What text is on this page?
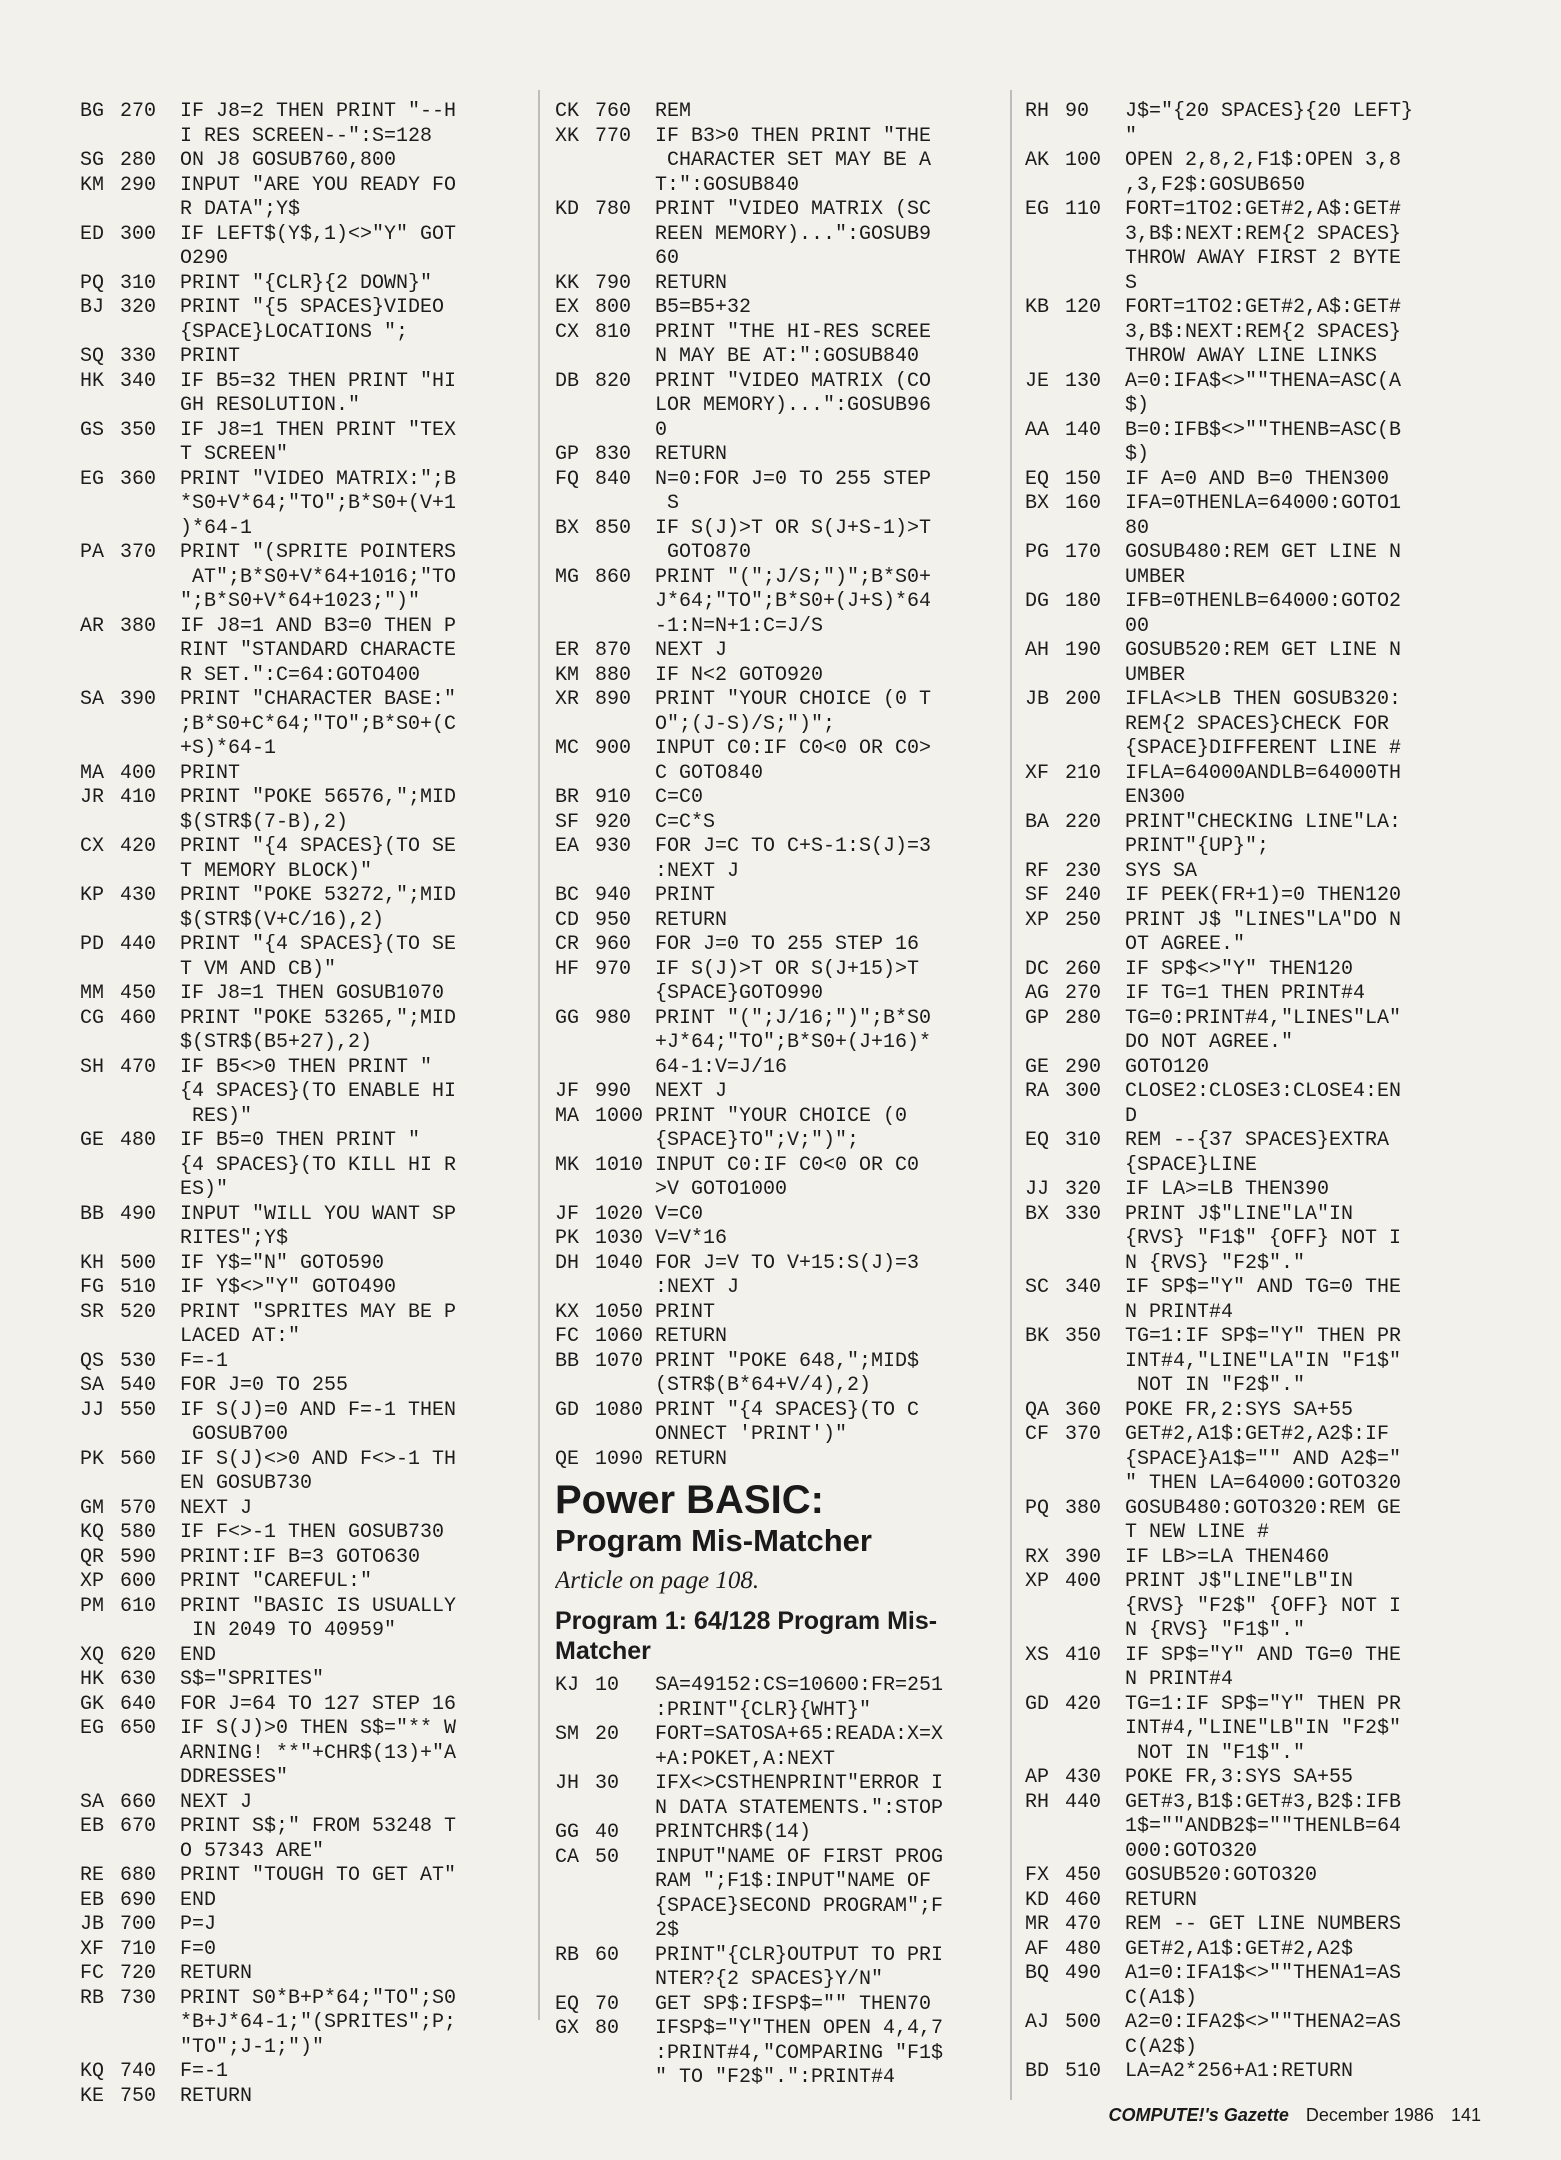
BG 270	IF J8=2 THEN PRINT "--H
I RES SCREEN--":S=128
SG 280	ON J8 GOSUB760,800
KM 290	INPUT "ARE YOU READY FO
R DATA";Y$
ED 300	IF LEFT$(Y$,1)<>"Y" GOT
O290
PQ 310	PRINT "{CLR}{2 DOWN}"
BJ 320	PRINT "{5 SPACES}VIDEO
{SPACE}LOCATIONS ";
SQ 330	PRINT
HK 340	IF B5=32 THEN PRINT "HI
GH RESOLUTION."
GS 350	IF J8=1 THEN PRINT "TEX
T SCREEN"
EG 360	PRINT "VIDEO MATRIX:";B
*S0+V*64;"TO";B*S0+(V+1
)*64-1
PA 370	PRINT "(SPRITE POINTERS
AT";B*S0+V*64+1016;"TO
";B*S0+V*64+1023;")"
AR 380	IF J8=1 AND B3=0 THEN P
RINT "STANDARD CHARACTE
R SET.":C=64:GOTO400
SA 390	PRINT "CHARACTER BASE:"
;B*S0+C*64;"TO";B*S0+(C
+S)*64-1
MA 400	PRINT
JR 410	PRINT "POKE 56576,";MID
$(STR$(7-B),2)
CX 420	PRINT "{4 SPACES}(TO SE
T MEMORY BLOCK)"
KP 430	PRINT "POKE 53272,";MID
$(STR$(V+C/16),2)
PD 440	PRINT "{4 SPACES}(TO SE
T VM AND CB)"
MM 450	IF J8=1 THEN GOSUB1070
CG 460	PRINT "POKE 53265,";MID
$(STR$(B5+27),2)
SH 470	IF B5<>0 THEN PRINT "
{4 SPACES}(TO ENABLE HI
RES)"
GE 480	IF B5=0 THEN PRINT "
{4 SPACES}(TO KILL HI R
ES)"
BB 490	INPUT "WILL YOU WANT SP
RITES";Y$
KH 500	IF Y$="N" GOTO590
FG 510	IF Y$<>"Y" GOTO490
SR 520	PRINT "SPRITES MAY BE P
LACED AT:"
QS 530	F=-1
SA 540	FOR J=0 TO 255
JJ 550	IF S(J)=0 AND F=-1 THEN
GOSUB700
PK 560	IF S(J)<>0 AND F<>-1 TH
EN GOSUB730
GM 570	NEXT J
KQ 580	IF F<>-1 THEN GOSUB730
QR 590	PRINT:IF B=3 GOTO630
XP 600	PRINT "CAREFUL:"
PM 610	PRINT "BASIC IS USUALLY
IN 2049 TO 40959"
XQ 620	END
HK 630	S$="SPRITES"
GK 640	FOR J=64 TO 127 STEP 16
EG 650	IF S(J)>0 THEN S$="** W
ARNING! **"+CHR$(13)+"A
DDRESSES"
SA 660	NEXT J
EB 670	PRINT S$;" FROM 53248 T
O 57343 ARE"
RE 680	PRINT "TOUGH TO GET AT"
EB 690	END
JB 700	P=J
XF 710	F=0
FC 720	RETURN
RB 730	PRINT S0*B+P*64;"TO";S0
*B+J*64-1;"(SPRITES";P;
"TO";J-1;")"
KQ 740	F=-1
KE 750	RETURN
CK 760	REM
XK 770	IF B3>0 THEN PRINT "THE
CHARACTER SET MAY BE A
T:":GOSUB840
KD 780	PRINT "VIDEO MATRIX (SC
REEN MEMORY)...":GOSUB9
60
KK 790	RETURN
EX 800	B5=B5+32
CX 810	PRINT "THE HI-RES SCREE
N MAY BE AT:":GOSUB840
DB 820	PRINT "VIDEO MATRIX (CO
LOR MEMORY)...":GOSUB96
0
GP 830	RETURN
FQ 840	N=0:FOR J=0 TO 255 STEP
S
BX 850	IF S(J)>T OR S(J+S-1)>T
GOTO870
MG 860	PRINT "(";J/S;")";B*S0+
J*64;"TO";B*S0+(J+S)*64
-1:N=N+1:C=J/S
ER 870	NEXT J
KM 880	IF N<2 GOTO920
XR 890	PRINT "YOUR CHOICE (0 T
O";(J-S)/S;")";
MC 900	INPUT C0:IF C0<0 OR C0>
C GOTO840
BR 910	C=C0
SF 920	C=C*S
EA 930	FOR J=C TO C+S-1:S(J)=3
:NEXT J
BC 940	PRINT
CD 950	RETURN
CR 960	FOR J=0 TO 255 STEP 16
HF 970	IF S(J)>T OR S(J+15)>T
{SPACE}GOTO990
GG 980	PRINT "(";J/16;")";B*S0
+J*64;"TO";B*S0+(J+16)*
64-1:V=J/16
JF 990	NEXT J
MA 1000 PRINT "YOUR CHOICE (0
{SPACE}TO";V;")";
MK 1010 INPUT C0:IF C0<0 OR C0
>V GOTO1000
JF 1020 V=C0
PK 1030 V=V*16
DH 1040 FOR J=V TO V+15:S(J)=3
:NEXT J
KX 1050 PRINT
FC 1060 RETURN
BB 1070 PRINT "POKE 648,";MID$
(STR$(B*64+V/4),2)
GD 1080 PRINT "{4 SPACES}(TO C
ONNECT 'PRINT')"
QE 1090 RETURN
Power BASIC:
Program Mis-Matcher
Article on page 108.
Program 1: 64/128 Program Mis-Matcher
KJ 10	SA=49152:CS=10600:FR=251
:PRINT"{CLR}{WHT}"
SM 20	FORT=SATOSA+65:READA:X=X
+A:POKET,A:NEXT
JH 30	IFX<>CSTHENPRINT"ERROR I
N DATA STATEMENTS.":STOP
GG 40	PRINTCHR$(14)
CA 50	INPUT"NAME OF FIRST PROG
RAM ";F1$:INPUT"NAME OF
{SPACE}SECOND PROGRAM";F
2$
RB 60	PRINT"{CLR}OUTPUT TO PRI
NTER?{2 SPACES}Y/N"
EQ 70	GET SP$:IFSP$="" THEN70
GX 80	IFSP$="Y"THEN OPEN 4,4,7
:PRINT#4,"COMPARING "F1$
" TO "F2$".":PRINT#4
RH 90	J$="{20 SPACES}{20 LEFT}
"
AK 100	OPEN 2,8,2,F1$:OPEN 3,8
,3,F2$:GOSUB650
EG 110	FORT=1TO2:GET#2,A$:GET#
3,B$:NEXT:REM{2 SPACES}
THROW AWAY FIRST 2 BYTE
S
KB 120	FORT=1TO2:GET#2,A$:GET#
3,B$:NEXT:REM{2 SPACES}
THROW AWAY LINE LINKS
JE 130	A=0:IFA$<>""THENA=ASC(A
$)
AA 140	B=0:IFB$<>""THENB=ASC(B
$)
EQ 150	IF A=0 AND B=0 THEN300
BX 160	IFA=0THENLA=64000:GOTO1
80
PG 170	GOSUB480:REM GET LINE N
UMBER
DG 180	IFB=0THENLB=64000:GOTO2
00
AH 190	GOSUB520:REM GET LINE N
UMBER
JB 200	IFLA<>LB THEN GOSUB320:
REM{2 SPACES}CHECK FOR
{SPACE}DIFFERENT LINE #
XF 210	IFLA=64000ANDLB=64000TH
EN300
BA 220	PRINT"CHECKING LINE"LA:
PRINT"{UP}";
RF 230	SYS SA
SF 240	IF PEEK(FR+1)=0 THEN120
XP 250	PRINT J$ "LINES"LA"DO N
OT AGREE."
DC 260	IF SP$<>"Y" THEN120
AG 270	IF TG=1 THEN PRINT#4
GP 280	TG=0:PRINT#4,"LINES"LA"
DO NOT AGREE."
GE 290	GOTO120
RA 300	CLOSE2:CLOSE3:CLOSE4:EN
D
EQ 310	REM --{37 SPACES}EXTRA
{SPACE}LINE
JJ 320	IF LA>=LB THEN390
BX 330	PRINT J$"LINE"LA"IN
{RVS} "F1$" {OFF} NOT I
N {RVS} "F2$"."
SC 340	IF SP$="Y" AND TG=0 THE
N PRINT#4
BK 350	TG=1:IF SP$="Y" THEN PR
INT#4,"LINE"LA"IN "F1$"
NOT IN "F2$"."
QA 360	POKE FR,2:SYS SA+55
CF 370	GET#2,A1$:GET#2,A2$:IF
{SPACE}A1$="" AND A2$="
" THEN LA=64000:GOTO320
PQ 380	GOSUB480:GOTO320:REM GE
T NEW LINE #
RX 390	IF LB>=LA THEN460
XP 400	PRINT J$"LINE"LB"IN
{RVS} "F2$" {OFF} NOT I
N {RVS} "F1$"."
XS 410	IF SP$="Y" AND TG=0 THE
N PRINT#4
GD 420	TG=1:IF SP$="Y" THEN PR
INT#4,"LINE"LB"IN "F2$"
NOT IN "F1$"."
AP 430	POKE FR,3:SYS SA+55
RH 440	GET#3,B1$:GET#3,B2$:IFB
1$=""ANDB2$=""THENLB=64
000:GOTO320
FX 450	GOSUB520:GOTO320
KD 460	RETURN
MR 470	REM -- GET LINE NUMBERS
AF 480	GET#2,A1$:GET#2,A2$
BQ 490	A1=0:IFA1$<>""THENA1=AS
C(A1$)
AJ 500	A2=0:IFA2$<>""THENA2=AS
C(A2$)
BD 510	LA=A2*256+A1:RETURN
COMPUTE!'s Gazette December 1986 141
